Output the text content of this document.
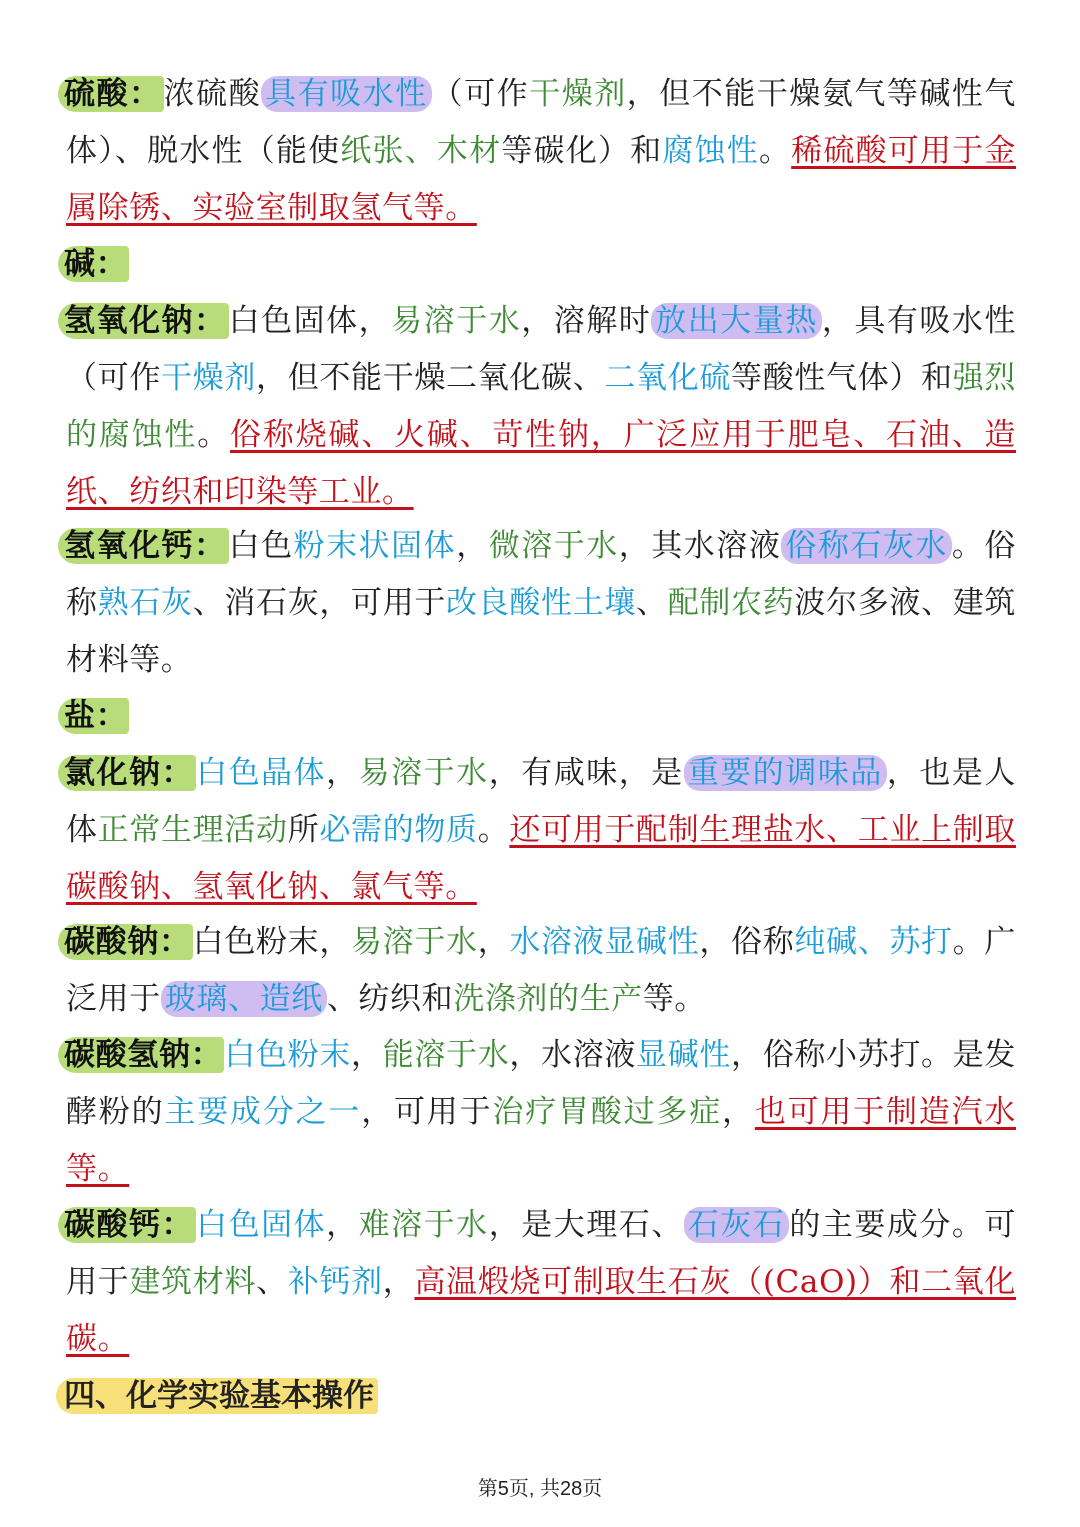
硫酸：浓硫酸 具有吸水性 （可作干燥剂，但不能干燥氨气等碱性气体）、脱水性（能使纸张、木材等碳化）和腐蚀性。稀硫酸可用于金属除锈、实验室制取氢气等。
碱：
氢氧化钠：白色固体，易溶于水，溶解时 放出大量热 ，具有吸水性（可作干燥剂，但不能干燥二氧化碳、二氧化硫等酸性气体）和强烈的腐蚀性。俗称烧碱、火碱、苛性钠，广泛应用于肥皂、石油、造纸、纺织和印染等工业。
氢氧化钙：白色粉末状固体，微溶于水，其水溶液 俗称石灰水 。俗称熟石灰、消石灰，可用于改良酸性土壤、配制农药波尔多液、建筑材料等。
盐：
氯化钠：白色晶体，易溶于水，有咸味，是 重要的调味品 ，也是人体正常生理活动所必需的物质。还可用于配制生理盐水、工业上制取碳酸钠、氢氧化钠、氯气等。
碳酸钠：白色粉末，易溶于水，水溶液显碱性，俗称纯碱、苏打。广泛用于 玻璃、造纸 、纺织和洗涤剂的生产等。
碳酸氢钠：白色粉末，能溶于水，水溶液显碱性，俗称小苏打。是发酵粉的主要成分之一，可用于治疗胃酸过多症，也可用于制造汽水等。
碳酸钙：白色固体，难溶于水，是大理石、 石灰石 的主要成分。可用于建筑材料、补钙剂，高温煅烧可制取生石灰（(CaO)）和二氧化碳。
四、化学实验基本操作
第5页, 共28页
